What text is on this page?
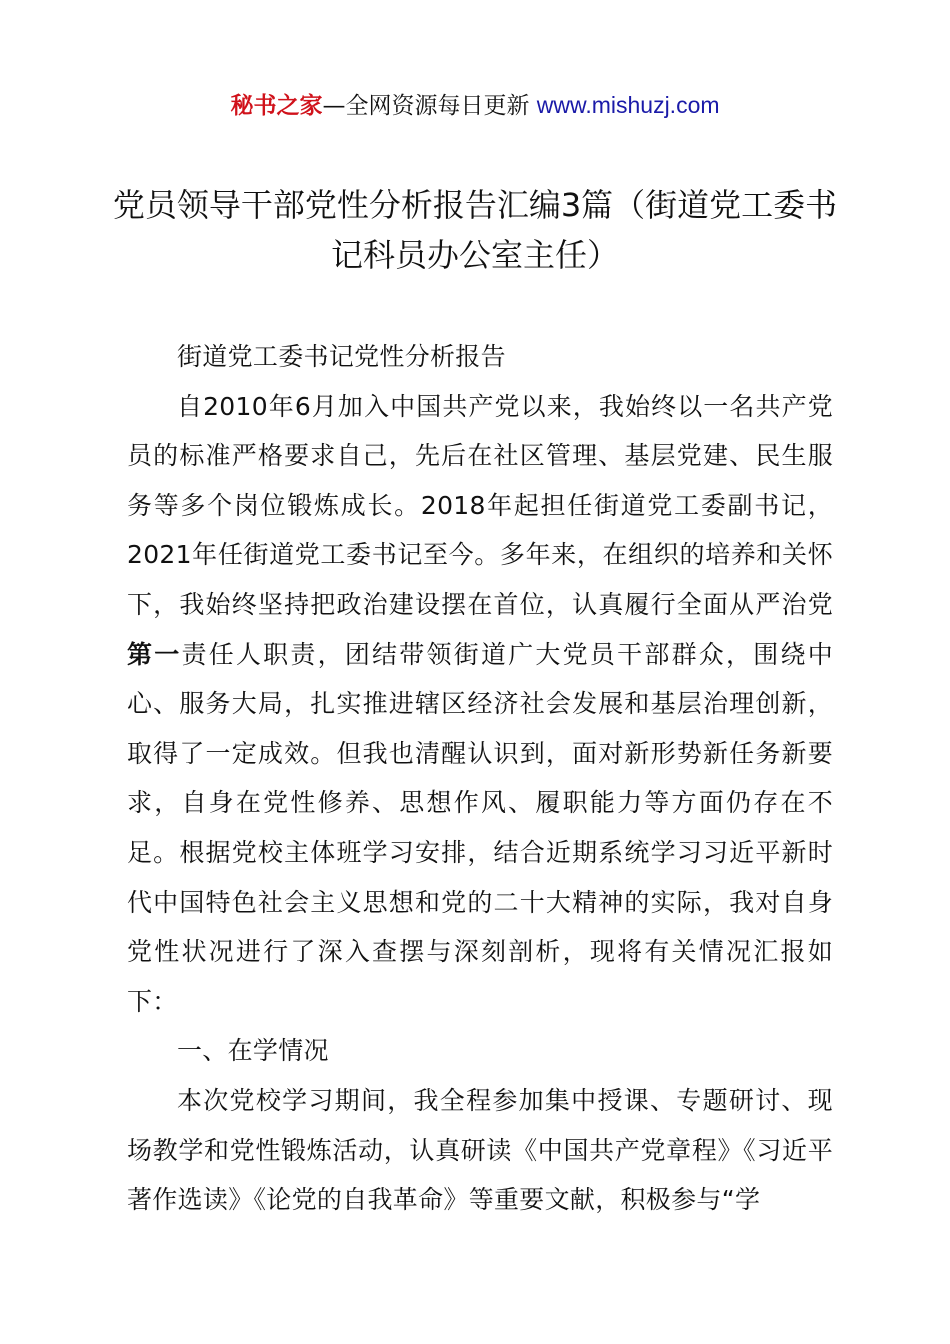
秘书之家—全网资源每日更新 www.mishuzj.com
党员领导干部党性分析报告汇编3篇（街道党工委书记科员办公室主任）

街道党工委书记党性分析报告

自2010年6月加入中国共产党以来，我始终以一名共产党员的标准严格要求自己，先后在社区管理、基层党建、民生服务等多个岗位锻炼成长。2018年起担任街道党工委副书记，2021年任街道党工委书记至今。多年来，在组织的培养和关怀下，我始终坚持把政治建设摆在首位，认真履行全面从严治党第一责任人职责，团结带领街道广大党员干部群众，围绕中心、服务大局，扎实推进辖区经济社会发展和基层治理创新，取得了一定成效。但我也清醒认识到，面对新形势新任务新要求，自身在党性修养、思想作风、履职能力等方面仍存在不足。根据党校主体班学习安排，结合近期系统学习习近平新时代中国特色社会主义思想和党的二十大精神的实际，我对自身党性状况进行了深入查摆与深刻剖析，现将有关情况汇报如下：

一、在学情况

本次党校学习期间，我全程参加集中授课、专题研讨、现场教学和党性锻炼活动，认真研读《中国共产党章程》《习近平著作选读》《论党的自我革命》等重要文献，积极参与“学
